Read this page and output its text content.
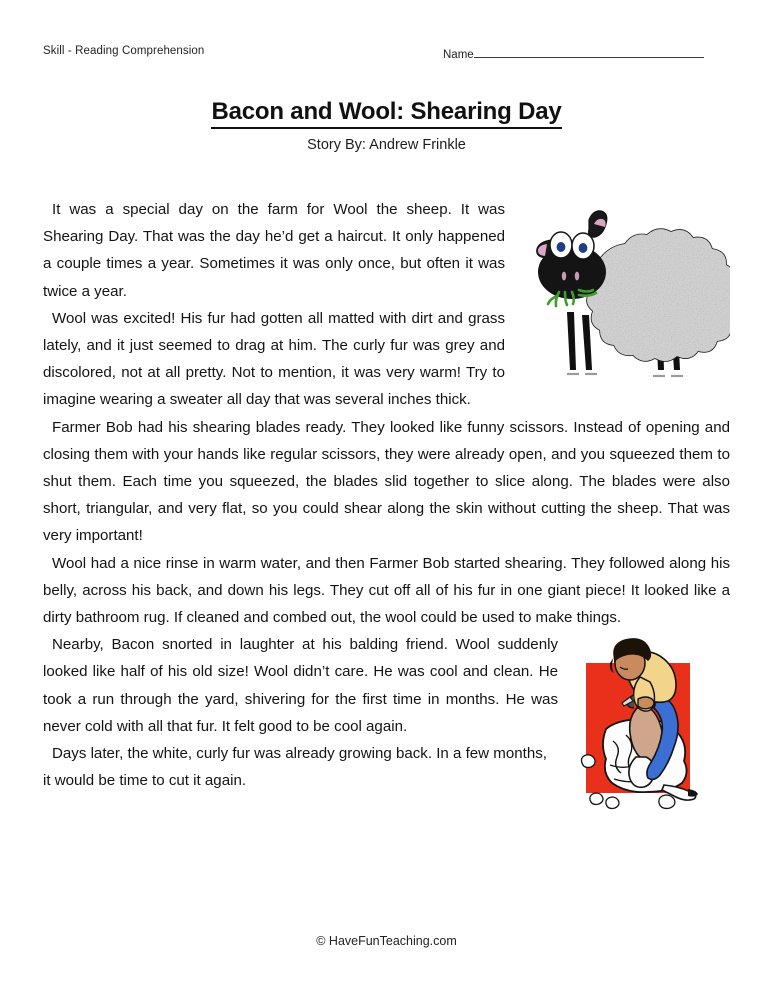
Skill - Reading Comprehension	Name
Bacon and Wool: Shearing Day
Story By: Andrew Frinkle

It was a special day on the farm for Wool the sheep. It was Shearing Day. That was the day he’d get a haircut. It only happened a couple times a year. Sometimes it was only once, but often it was twice a year.

Wool was excited! His fur had gotten all matted with dirt and grass lately, and it just seemed to drag at him. The curly fur was grey and discolored, not at all pretty. Not to mention, it was very warm! Try to imagine wearing a sweater all day that was several inches thick.

Farmer Bob had his shearing blades ready. They looked like funny scissors. Instead of opening and closing them with your hands like regular scissors, they were already open, and you squeezed them to shut them. Each time you squeezed, the blades slid together to slice along. The blades were also short, triangular, and very flat, so you could shear along the skin without cutting the sheep. That was very important!

Wool had a nice rinse in warm water, and then Farmer Bob started shearing. They followed along his belly, across his back, and down his legs. They cut off all of his fur in one giant piece! It looked like a dirty bathroom rug. If cleaned and combed out, the wool could be used to make things.

Nearby, Bacon snorted in laughter at his balding friend. Wool suddenly looked like half of his old size! Wool didn’t care. He was cool and clean. He took a run through the yard, shivering for the first time in months. He was never cold with all that fur. It felt good to be cool again.

Days later, the white, curly fur was already growing back. In a few months, it would be time to cut it again.

© HaveFunTeaching.com
